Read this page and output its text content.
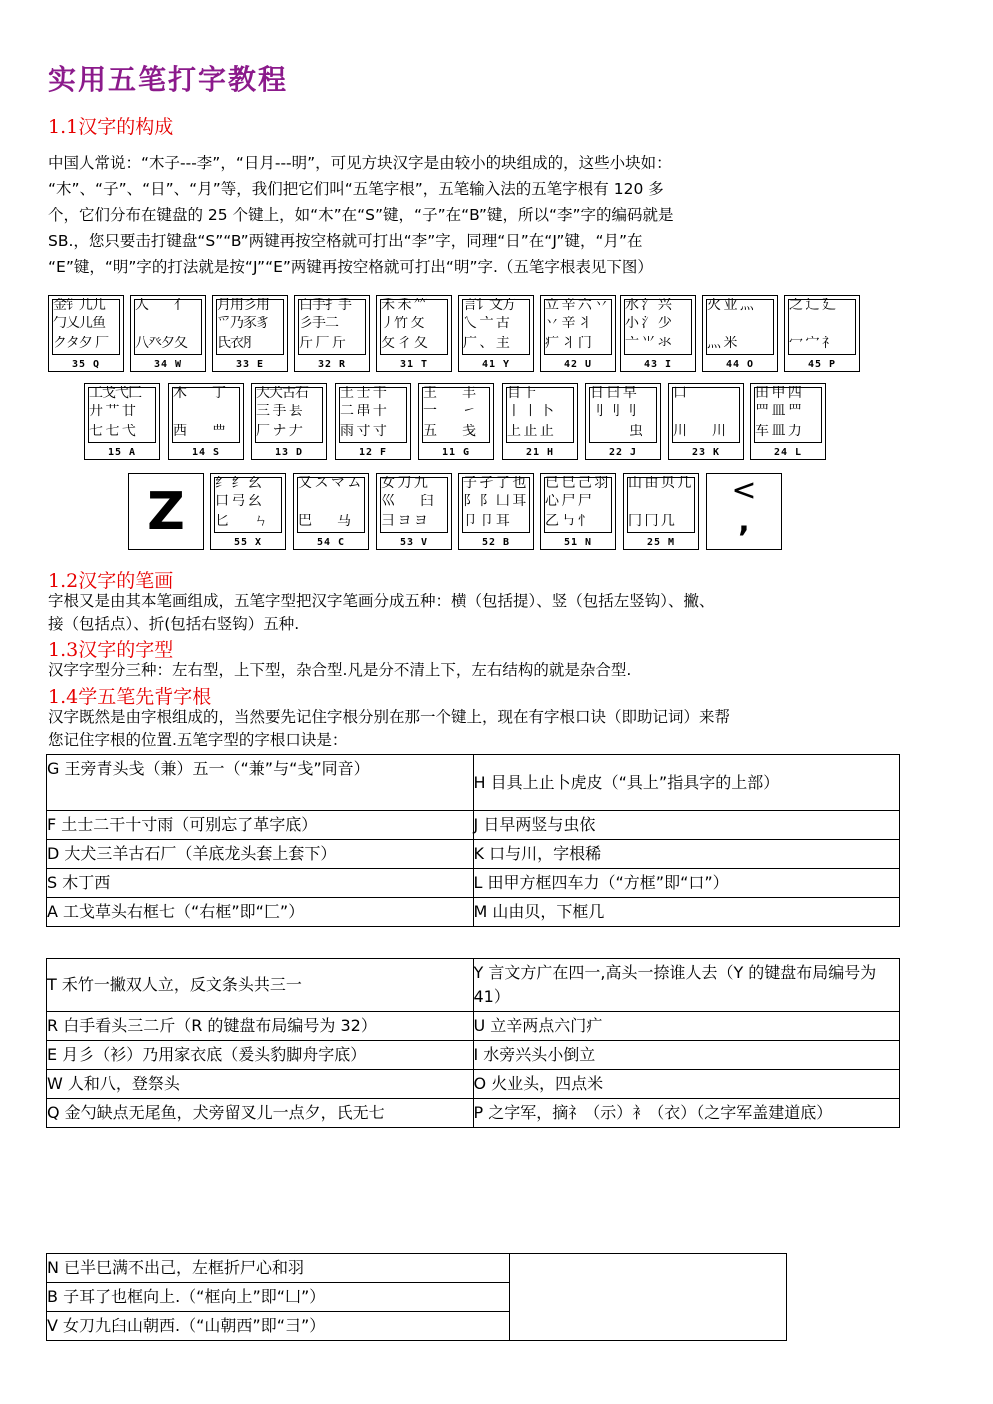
实用五笔打字教程
1.1汉字的构成
中国人常说：“木子---李”，“日月---明”，可见方块汉字是由较小的块组成的，这些小块如：
“木”、“子”、“日”、“月”等，我们把它们叫“五笔字根”，五笔输入法的五笔字根有 120 多
个，它们分布在键盘的 25 个键上，如“木”在“S”键，“子”在“B”键，所以“李”字的编码就是
SB.，您只要击打键盘“S”“B”两键再按空格就可打出“李”字，同理“日”在“J”键，“月”在
“E”键，“明”字的打法就是按“J”“E”两键再按空格就可打出“明”字.（五笔字根表见下图）
金钅儿儿
勹乂儿鱼
クタ夕 厂
35 Q
人　　亻
八癶夕夂
34 W
月用彡用
爫乃豕豸
氏衣⺼
33 E
白手扌手
彡手二
斤 厂 斤
32 R
禾 禾 ⺮
丿竹 攵
攵 彳 夂
31 T
言讠文方
乀 亠 古
广 、 主
41 Y
立 辛 六 丷
丷 辛 丬
疒 丬 门
42 U
水 氵 兴
小 氵 少
亠 ⺌ 氺
43 I
火 业 灬
灬 米
44 O
之 辶 廴
冖 宀 礻
45 P
工戈弋匚
廾 艹 廿
七 七 弋
15 A
木　　丁
西　　覀
14 S
大犬古石
三 手 镸
厂 ナ 𠂇
13 D
土 士 干
二 串 十
雨 寸 寸
12 F
王　　丰
一　　㇀
五　　戋
11 G
目 ⺊
丨 丨 卜
上 止 止
21 H
日 曰 早
刂 刂 刂
　　　虫
22 J
口
川　　川
23 K
田 甲 四
罒 皿 罒
车 皿 力
24 L
Z 纟 纟 幺
口 弓 幺
匕　　ㄣ
55 X
又 ス マ ム
巴　　马
54 C
女 刀 九
巛　　臼
彐 ヨ ヨ
53 V
子 孑 了 也
阝 阝 凵 耳
卩 卩 耳
52 B
已 巳 己 羽
心 尸 尸
乙 ㇉ 忄
51 N
山 由 贝 几
冂 冂 几
25 M
<
,
1.2汉字的笔画
字根又是由其本笔画组成，五笔字型把汉字笔画分成五种：横（包括提）、竖（包括左竖钩）、撇、
接（包括点）、折(包括右竖钩）五种.
1.3汉字的字型
汉字字型分三种：左右型，上下型，杂合型.凡是分不清上下，左右结构的就是杂合型.
1.4学五笔先背字根
汉字既然是由字根组成的，当然要先记住字根分别在那一个键上，现在有字根口诀（即助记词）来帮
您记住字根的位置.五笔字型的字根口诀是：
G 王旁青头戋（兼）五一（“兼”与“戋”同音）	H 目具上止卜虎皮（“具上”指具字的上部）
F 土士二干十寸雨（可别忘了革字底）	J 日早两竖与虫依
D 大犬三羊古石厂（羊底龙头套上套下）	K 口与川，字根稀
S 木丁西	L 田甲方框四车力（“方框”即“口”）
A 工戈草头右框七（“右框”即“匚”）	M 山由贝，下框几
T 禾竹一撇双人立，反文条头共三一	Y 言文方广在四一,高头一捺谁人去（Y 的键盘布局编号为 41）
R 白手看头三二斤（R 的键盘布局编号为 32）	U 立辛两点六门疒
E 月彡（衫）乃用家衣底（爰头豹脚舟字底）	I 水旁兴头小倒立
W 人和八，登祭头	O 火业头，四点米
Q 金勺缺点无尾鱼，犬旁留叉儿一点夕，氏无七	P 之字军，摘礻（示）衤（衣）（之字军盖建道底）
N 已半巳满不出己，左框折尸心和羽	
B 子耳了也框向上.（“框向上”即“凵”）
V 女刀九臼山朝西.（“山朝西”即“彐”）
